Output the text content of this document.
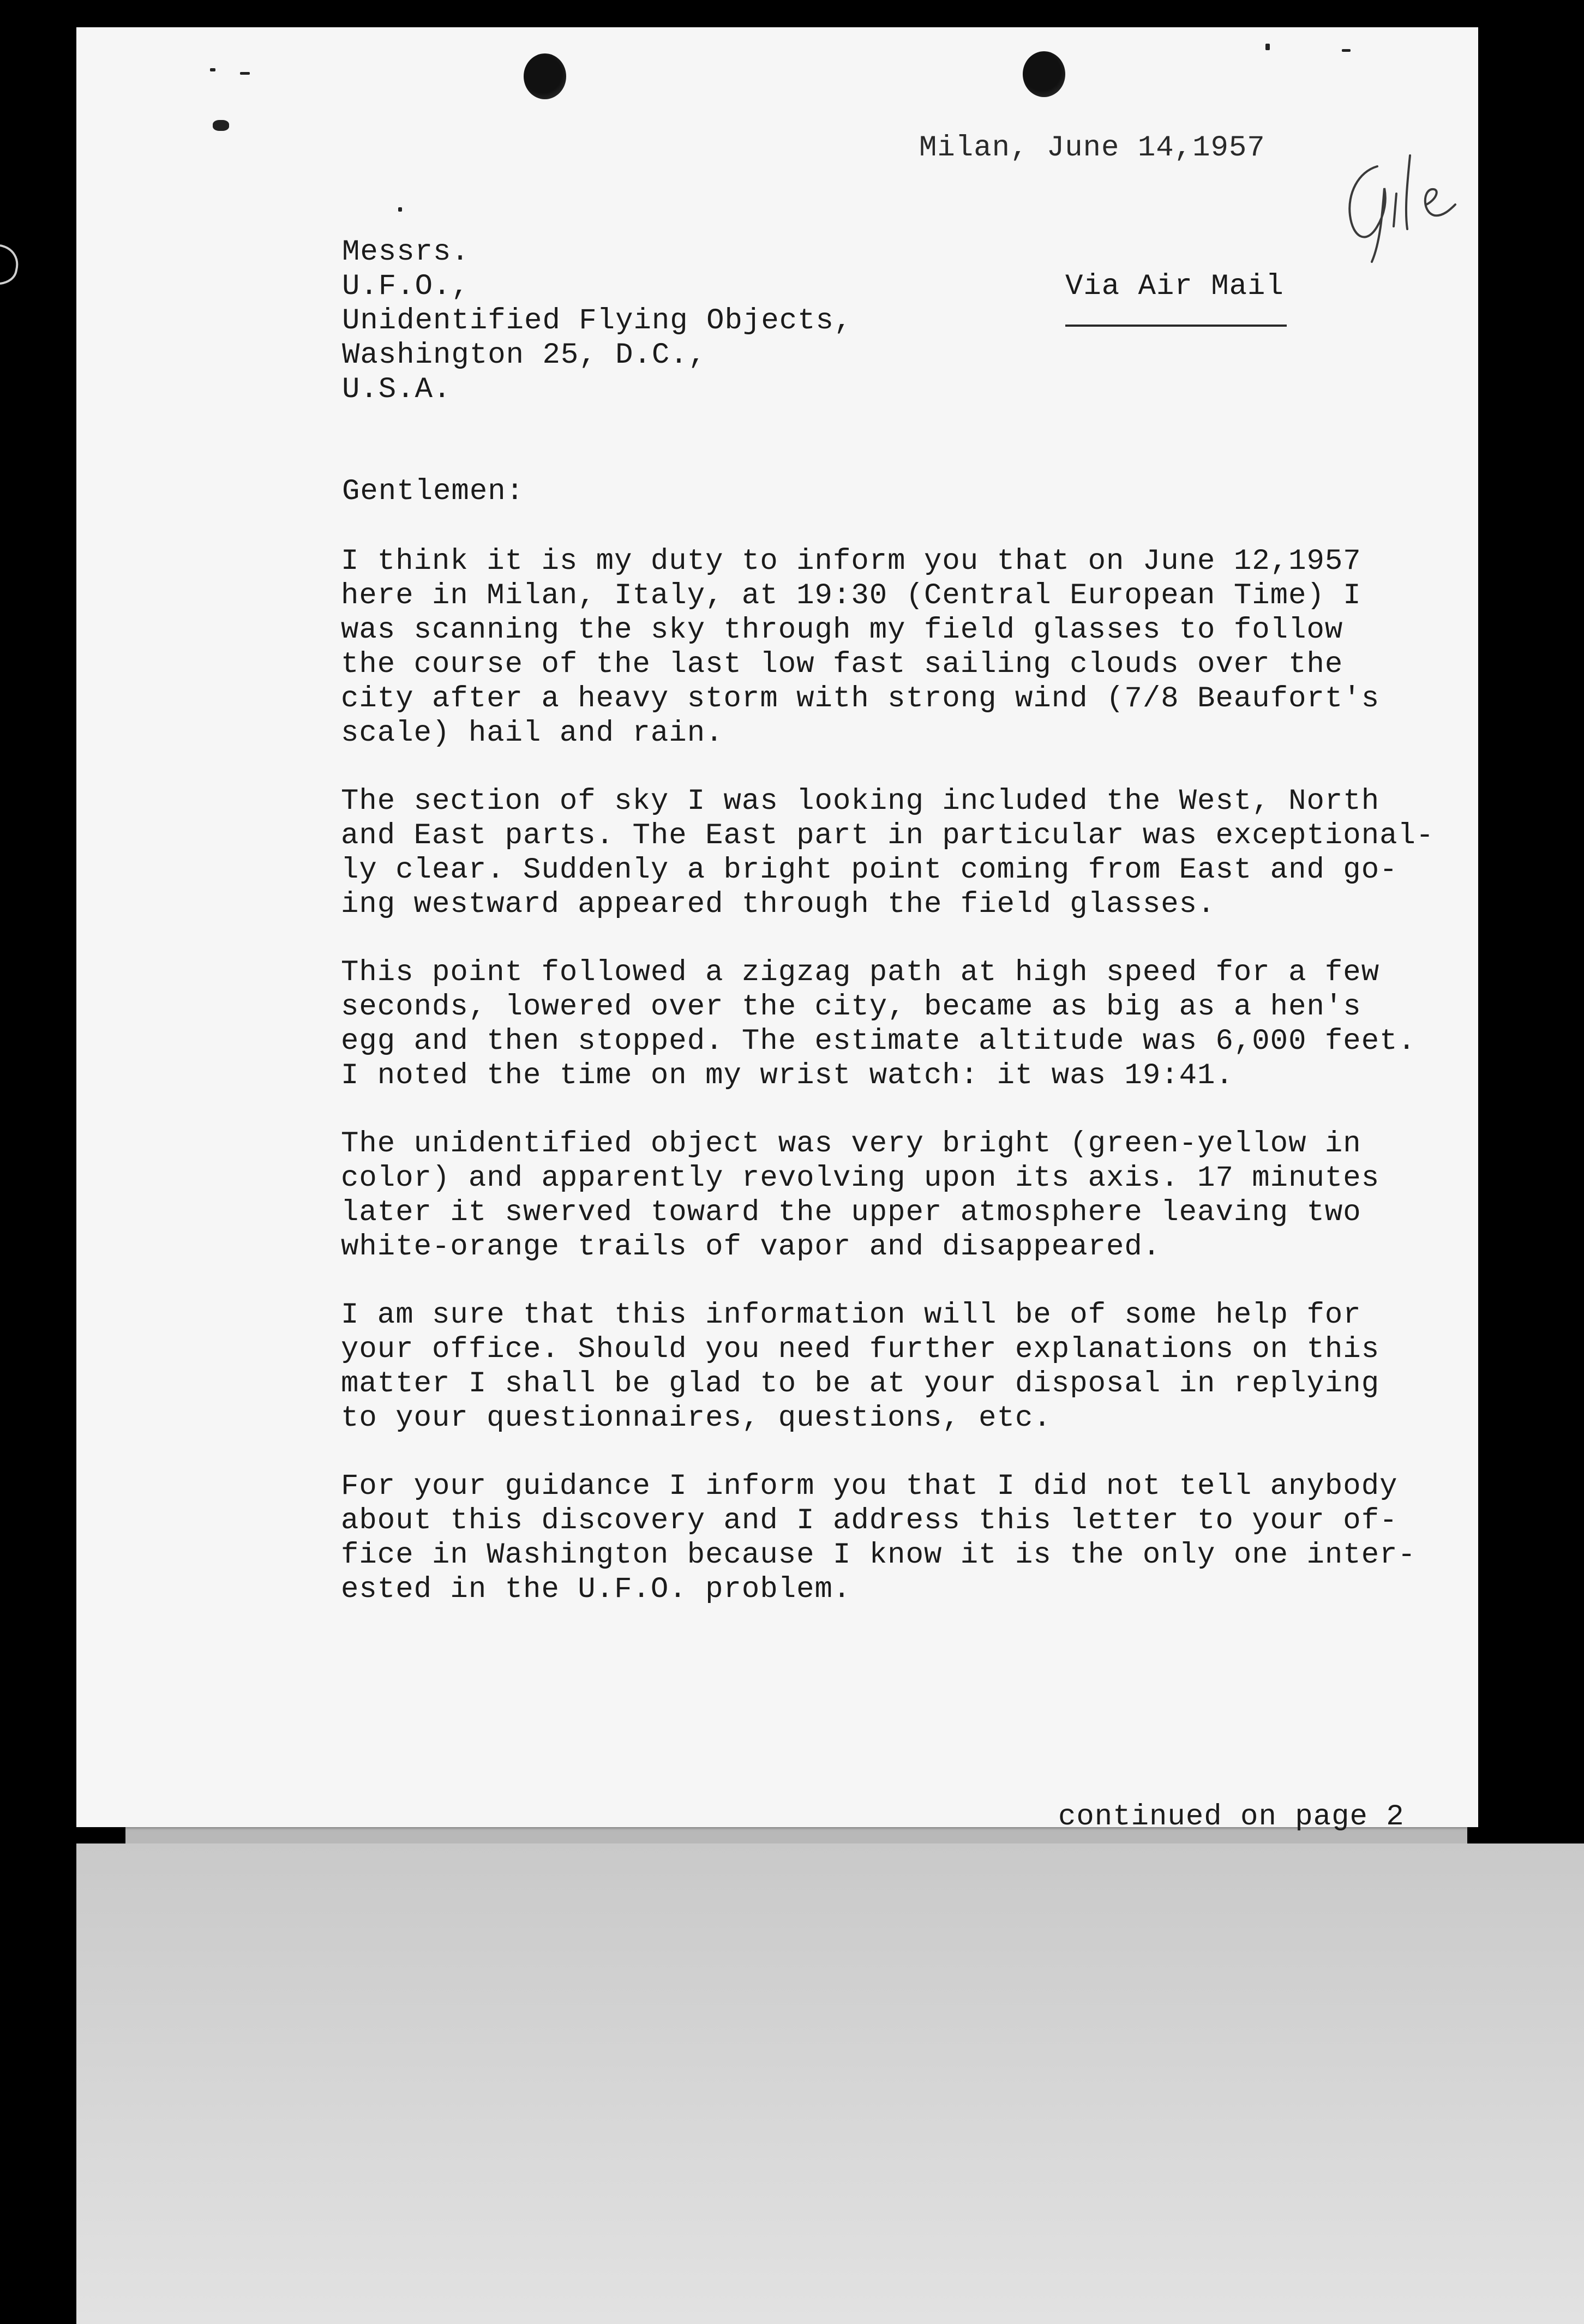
Milan, June 14,1957

Messrs.

U.F.O.,	Via Air Mail

Unidentified Flying Objects,

Washington 25, D.C.,

U.S.A.

Gentlemen:

I think it is my duty to inform you that on June 12,1957
here in Milan, Italy, at 19:30 (Central European Time) I
was scanning the sky through my field glasses to follow
the course of the last low fast sailing clouds over the
city after a heavy storm with strong wind (7/8 Beaufort's
scale) hail and rain.
The section of sky I was looking included the West, North
and East parts. The East part in particular was exceptional-
ly clear. Suddenly a bright point coming from East and go-
ing westward appeared through the field glasses.
This point followed a zigzag path at high speed for a few
seconds, lowered over the city, became as big as a hen's
egg and then stopped. The estimate altitude was 6,000 feet.
I noted the time on my wrist watch: it was 19:41.
The unidentified object was very bright (green-yellow in
color) and apparently revolving upon its axis. 17 minutes
later it swerved toward the upper atmosphere leaving two
white-orange trails of vapor and disappeared.
I am sure that this information will be of some help for
your office. Should you need further explanations on this
matter I shall be glad to be at your disposal in replying
to your questionnaires, questions, etc.
For your guidance I inform you that I did not tell anybody
about this discovery and I address this letter to your of-
fice in Washington because I know it is the only one inter-
ested in the U.F.O. problem.

continued on page 2
